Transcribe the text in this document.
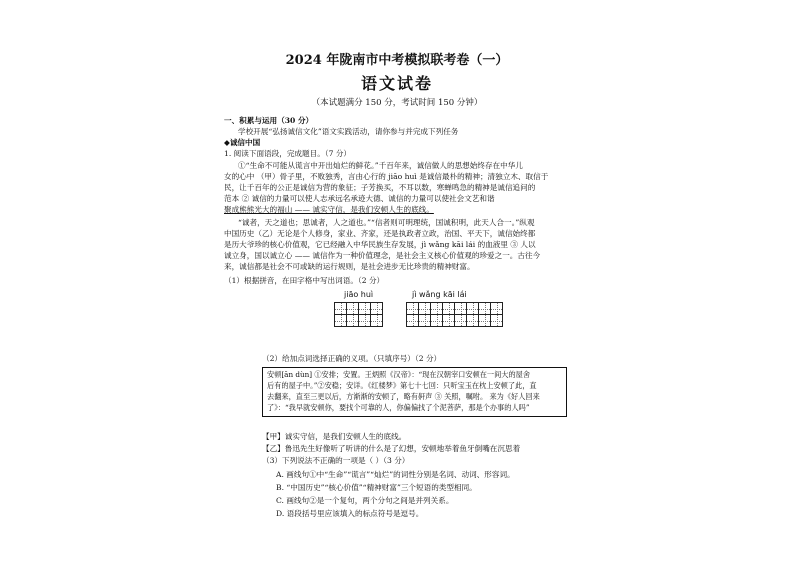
2024 年陇南市中考模拟联考卷（一）
语文试卷
（本试题满分 150 分，考试时间 150 分钟）
一、积累与运用（30 分）
学校开展“弘扬诚信文化”语文实践活动，请你参与并完成下列任务
◆诚信中国
1. 阅读下面语段，完成题目。（7 分）
①“生命不可能从谎言中开出灿烂的鲜花。”千百年来，诚信做人的思想始终存在中华儿
女的心中 （甲）骨子里，不败独秀，言由心行的 jiāo huì 是诚信最朴的精神；清独立木、取信于
民，让千百年的公正是诚信为营的象征；子芳换买，不耳以数，寒蝉鸣急的精神是诚信追问的
范本 ② 诚信的力量可以使人志承远名承迹大德、诚信的力量可以使社会文艺和谐
聚成熊熊光大的福山 —— 诚实守信，是我们安顿人生的底线。
“诚者，天之道也；思诚者，人之道也。”“信者则可明理统，国诚积明，此天人合一。”纵观
中国历史（乙）无论是个人修身，家业、齐家，还是执政者立政，治国、平天下，诚信始终都
是历大爷珍的核心价值观，它已经融入中华民族生存发展，jì wǎng kāi lái 的血液里 ③ 人以
诚立身，国以诚立心 —— 诚信作为一种价值理念，是社会主义核心价值观的珍爱之一。古往今
来，诚信都是社会不可或缺的运行规则，是社会进步无比珍贵的精神财富。
（1）根据拼音，在田字格中写出词语。（2 分）
jiāo huì	jì wǎng kāi lái
（2）给加点词选择正确的义项。（只填序号）（2 分）
安顿[ān dùn] ①安排；安置。王炳照《汉帝》：“现在汉朝宰口安顿在一间大的屋舍
后有的屋子中。”②安稳；安详。《红楼梦》第七十七回：只听宝玉在枕上安顿了此，直
去翻来，直至三更以后，方渐渐的安顿了，略有鼾声 ③ 关照，嘱咐。 来为《好人回来
了》：“我早就安顿你，要找个可靠的人，你偏偏找了个泥菩萨，那是个办事的人吗”
【甲】诚实守信，是我们安顿人生的底线。
【乙】鲁迅先生好像听了听讲的什么是了幻想，安顿地举着鱼牙倒嘴在沉思着
（3）下列说法不正确的一项是（ ）（3 分）
A. 画线句①中“生命”“谎言”“灿烂”的词性分别是名词、动词、形容词。
B. “中国历史”“核心价值”“精神财富”三个短语的类型相同。
C. 画线句②是一个复句，两个分句之间是并列关系。
D. 语段括号里应该填入的标点符号是逗号。
